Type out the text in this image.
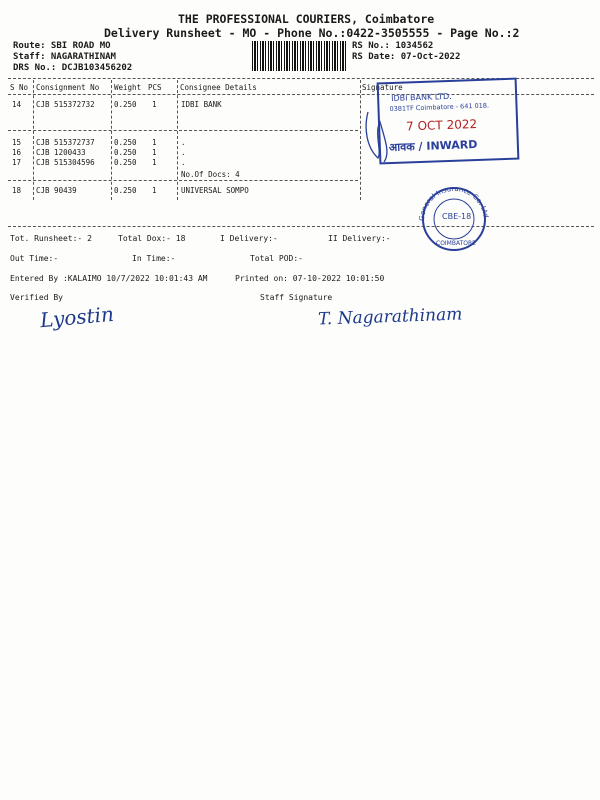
THE PROFESSIONAL COURIERS, Coimbatore
Delivery Runsheet - MO - Phone No.:0422-3505555 - Page No.:2
Route: SBI ROAD MO
Staff: NAGARATHINAM
DRS No.: DCJB103456202
RS No.: 1034562
RS Date: 07-Oct-2022
S No Consignment No Weight PCS Consignee Details	Signature
14 CJB 515372732	0.250 1	IDBI BANK
15 CJB 515372737	0.250 1	.
16 CJB 1200433	0.250 1	.
17 CJB 515304596	0.250 1	.
No.Of Docs: 4
18 CJB 90439	0.250 1	UNIVERSAL SOMPO
Tot. Runsheet:- 2	Total Dox:- 18	I Delivery:-	II Delivery:-
Out Time:-	In Time:-	Total POD:-
Entered By :KALAIMO 10/7/2022 10:01:43 AM	Printed on: 07-10-2022 10:01:50
Verified By	Staff Signature
Lyostin	T. Nagarathinam
IDBI BANK LTD.
0381TF Coimbatore - 641 018.
7 OCT 2022
आवक / INWARD
General Insurance Co. Ltd
CBE-18
COIMBATORE
